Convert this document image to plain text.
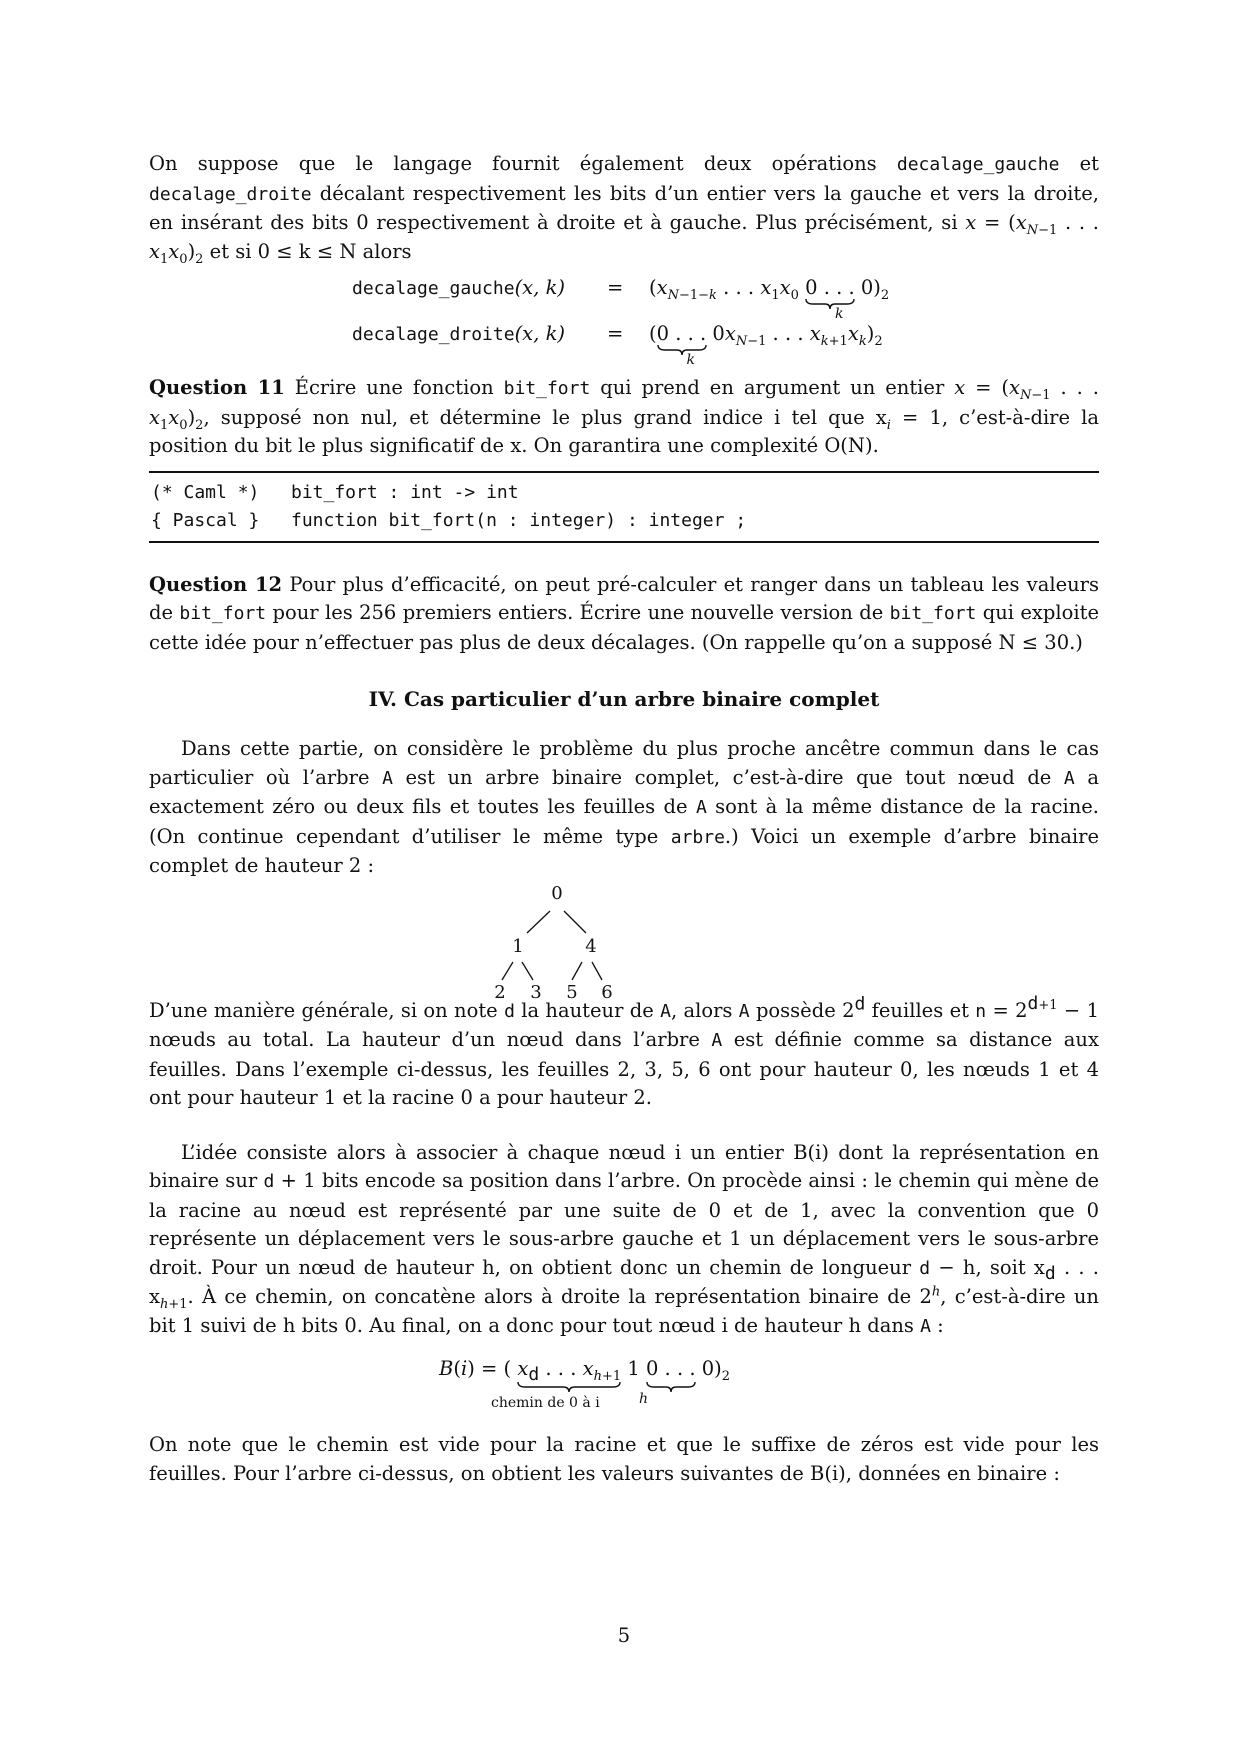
On suppose que le langage fournit également deux opérations decalage_gauche et decalage_droite décalant respectivement les bits d’un entier vers la gauche et vers la droite, en insérant des bits 0 respectivement à droite et à gauche. Plus précisément, si $x = (x_{N-1}$ . . . $x_1x_0)_2$ et si 0 ≤ k ≤ N alors

decalage_gauche(x, $k) = (x_{N-1-k}$ . . . $x_1x_0$ 0 . . . 0
k
)$_2$
decalage_droite(x, k) = (0 . . . 0
k
$x_{N-1}$ . . . $x_{k+1}x_k)_2$

Question 11 Écrire une fonction bit_fort qui prend en argument un entier $x = (x_{N-1}$ . . . $x_1x_0)_2$, supposé non nul, et détermine le plus grand indice i tel que $x_i = 1$, c’est-à-dire la position du bit le plus significatif de x. On garantira une complexité O(N).

(* Caml *) bit_fort : int -> int
{ Pascal } function bit_fort(n : integer) : integer ;

Question 12 Pour plus d’efficacité, on peut pré-calculer et ranger dans un tableau les valeurs de bit_fort pour les 256 premiers entiers. Écrire une nouvelle version de bit_fort qui exploite cette idée pour n’effectuer pas plus de deux décalages. (On rappelle qu’on a supposé N ≤ 30.)

IV. Cas particulier d’un arbre binaire complet

Dans cette partie, on considère le problème du plus proche ancêtre commun dans le cas particulier où l’arbre A est un arbre binaire complet, c’est-à-dire que tout nœud de A a exactement zéro ou deux fils et toutes les feuilles de A sont à la même distance de la racine. (On continue cependant d’utiliser le même type arbre.) Voici un exemple d’arbre binaire complet de hauteur 2 :

0
1	4
2 3 5 6

D’une manière générale, si on note d la hauteur de A, alors A possède 2$^d$ feuilles et $n = 2^{d+1} - 1$ nœuds au total. La hauteur d’un nœud dans l’arbre A est définie comme sa distance aux feuilles. Dans l’exemple ci-dessus, les feuilles 2, 3, 5, 6 ont pour hauteur 0, les nœuds 1 et 4 ont pour hauteur 1 et la racine 0 a pour hauteur 2.

L’idée consiste alors à associer à chaque nœud i un entier B(i) dont la représentation en binaire sur d + 1 bits encode sa position dans l’arbre. On procède ainsi : le chemin qui mène de la racine au nœud est représenté par une suite de 0 et de 1, avec la convention que 0 représente un déplacement vers le sous-arbre gauche et 1 un déplacement vers le sous-arbre droit. Pour un nœud de hauteur h, on obtient donc un chemin de longueur d − h, soit $x_d$ . . . $x_{h+1}$. À ce chemin, on concatène alors à droite la représentation binaire de 2$^h$, c’est-à-dire un bit 1 suivi de h bits 0. Au final, on a donc pour tout nœud i de hauteur h dans A :

B(i) = ( $x_d$ . . . $x_{h+1}$
1 0 . . . 0
)$_2$
chemin de 0 à i	h

On note que le chemin est vide pour la racine et que le suffixe de zéros est vide pour les feuilles. Pour l’arbre ci-dessus, on obtient les valeurs suivantes de B(i), données en binaire :

5
